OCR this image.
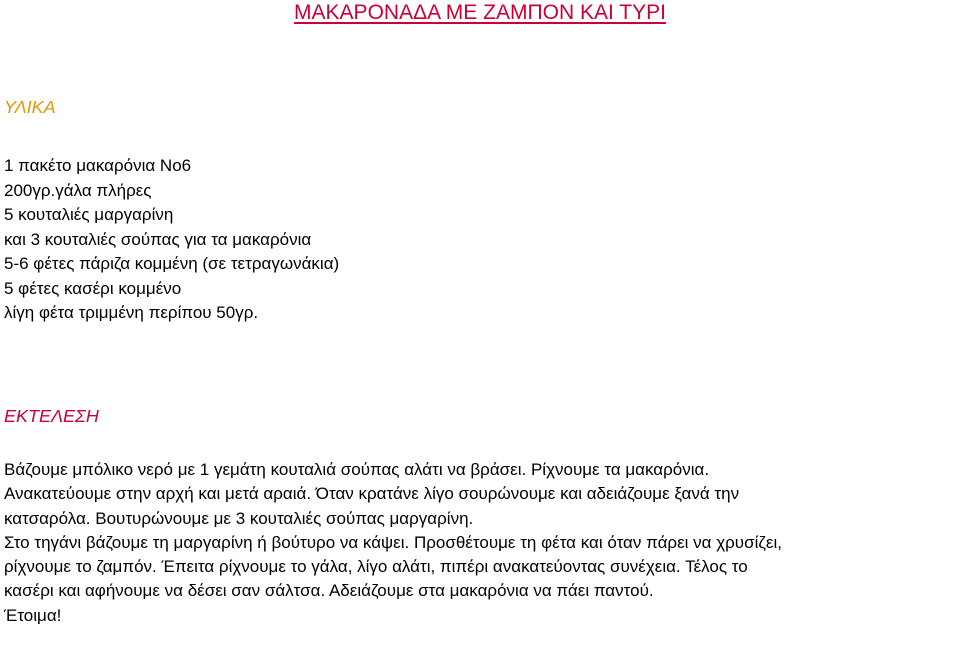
ΜΑΚΑΡΟΝΑΔΑ ΜΕ ΖΑΜΠΟΝ ΚΑΙ ΤΥΡΙ
ΥΛΙΚΑ
1 πακέτο μακαρόνια Νο6
200γρ.γάλα πλήρες
5 κουταλιές μαργαρίνη
και 3 κουταλιές σούπας για τα μακαρόνια
5-6 φέτες πάριζα κομμένη (σε τετραγωνάκια)
5 φέτες κασέρι κομμένο
λίγη φέτα τριμμένη περίπου 50γρ.
ΕΚΤΕΛΕΣΗ

Βάζουμε μπόλικο νερό με 1 γεμάτη κουταλιά σούπας αλάτι να βράσει. Ρίχνουμε τα μακαρόνια.
Ανακατεύουμε στην αρχή και μετά αραιά. Όταν κρατάνε λίγο σουρώνουμε και αδειάζουμε ξανά την
κατσαρόλα. Βουτυρώνουμε με 3 κουταλιές σούπας μαργαρίνη.
Στο τηγάνι βάζουμε τη μαργαρίνη ή βούτυρο να κάψει. Προσθέτουμε τη φέτα και όταν πάρει να χρυσίζει,
ρίχνουμε το ζαμπόν. Έπειτα ρίχνουμε το γάλα, λίγο αλάτι, πιπέρι ανακατεύοντας συνέχεια. Τέλος το
κασέρι και αφήνουμε να δέσει σαν σάλτσα. Αδειάζουμε στα μακαρόνια να πάει παντού.
Έτοιμα!
